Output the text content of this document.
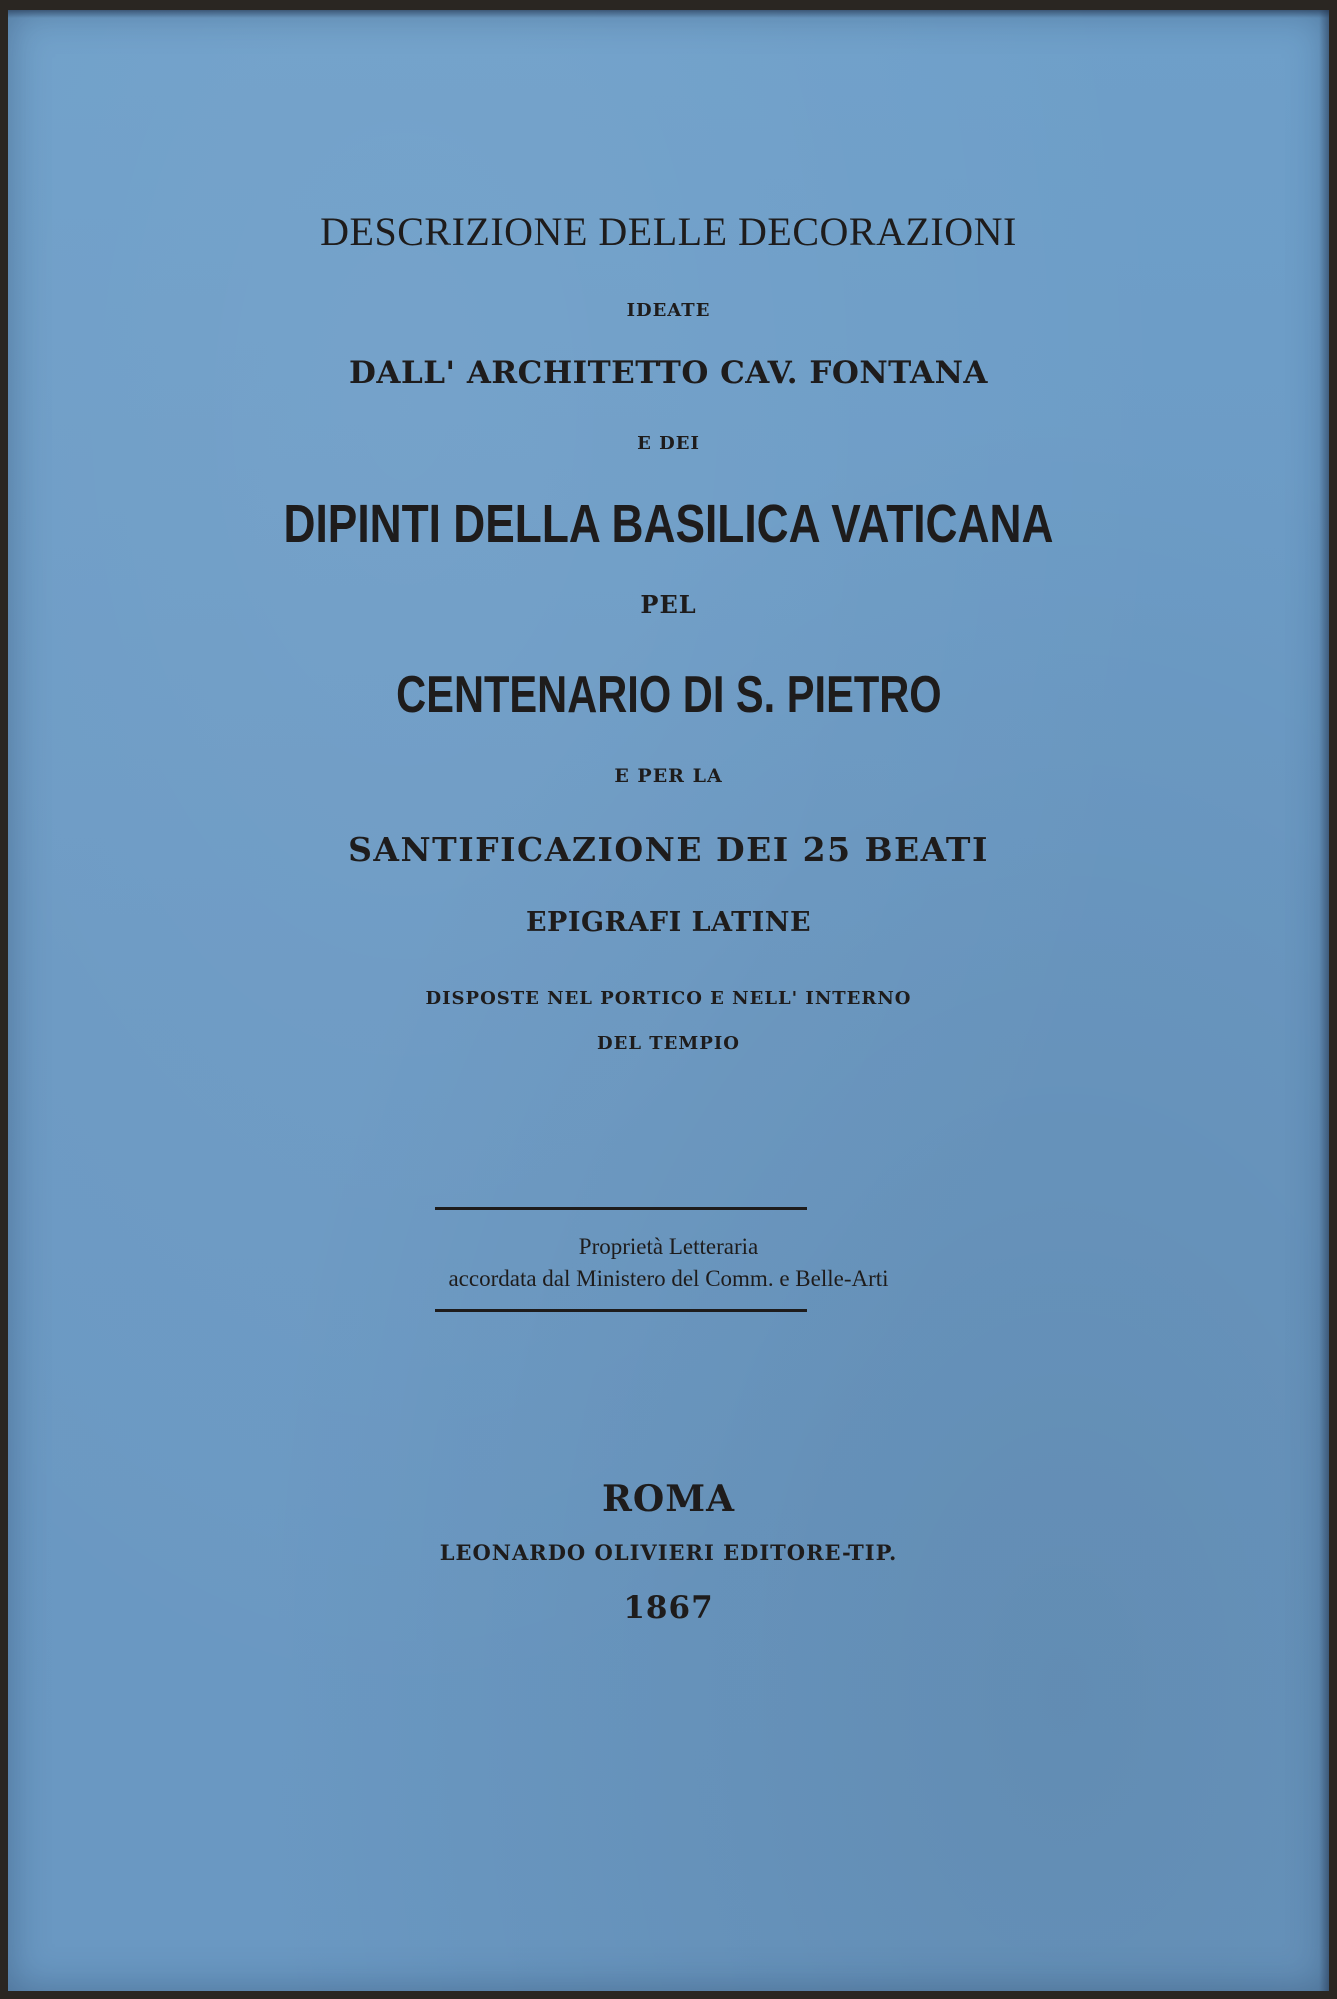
DESCRIZIONE DELLE DECORAZIONI

IDEATE

DALL' ARCHITETTO CAV. FONTANA

E DEI

DIPINTI DELLA BASILICA VATICANA

PEL

CENTENARIO DI S. PIETRO

E PER LA

SANTIFICAZIONE DEI 25 BEATI

EPIGRAFI LATINE

DISPOSTE NEL PORTICO E NELL' INTERNO

DEL TEMPIO

Proprietà Letteraria

accordata dal Ministero del Comm. e Belle-Arti

ROMA

LEONARDO OLIVIERI EDITORE-TIP.

1867
